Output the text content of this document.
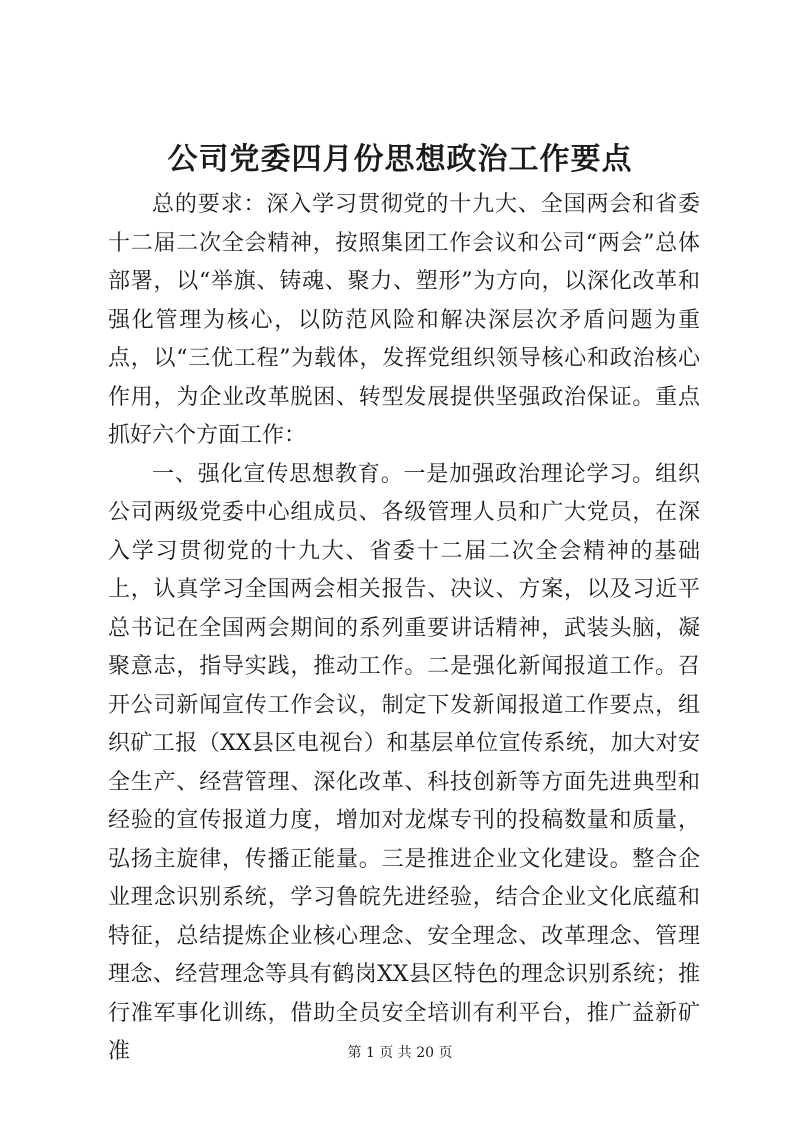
公司党委四月份思想政治工作要点

总的要求：深入学习贯彻党的十九大、全国两会和省委十二届二次全会精神，按照集团工作会议和公司“两会”总体部署，以“举旗、铸魂、聚力、塑形”为方向，以深化改革和强化管理为核心，以防范风险和解决深层次矛盾问题为重点，以“三优工程”为载体，发挥党组织领导核心和政治核心作用，为企业改革脱困、转型发展提供坚强政治保证。重点抓好六个方面工作：

一、强化宣传思想教育。一是加强政治理论学习。组织公司两级党委中心组成员、各级管理人员和广大党员，在深入学习贯彻党的十九大、省委十二届二次全会精神的基础上，认真学习全国两会相关报告、决议、方案，以及习近平总书记在全国两会期间的系列重要讲话精神，武装头脑，凝聚意志，指导实践，推动工作。二是强化新闻报道工作。召开公司新闻宣传工作会议，制定下发新闻报道工作要点，组织矿工报（XX县区电视台）和基层单位宣传系统，加大对安全生产、经营管理、深化改革、科技创新等方面先进典型和经验的宣传报道力度，增加对龙煤专刊的投稿数量和质量，弘扬主旋律，传播正能量。三是推进企业文化建设。整合企业理念识别系统，学习鲁皖先进经验，结合企业文化底蕴和特征，总结提炼企业核心理念、安全理念、改革理念、管理理念、经营理念等具有鹤岗XX县区特色的理念识别系统；推行准军事化训练，借助全员安全培训有利平台，推广益新矿准	第 1 页 共 20 页
